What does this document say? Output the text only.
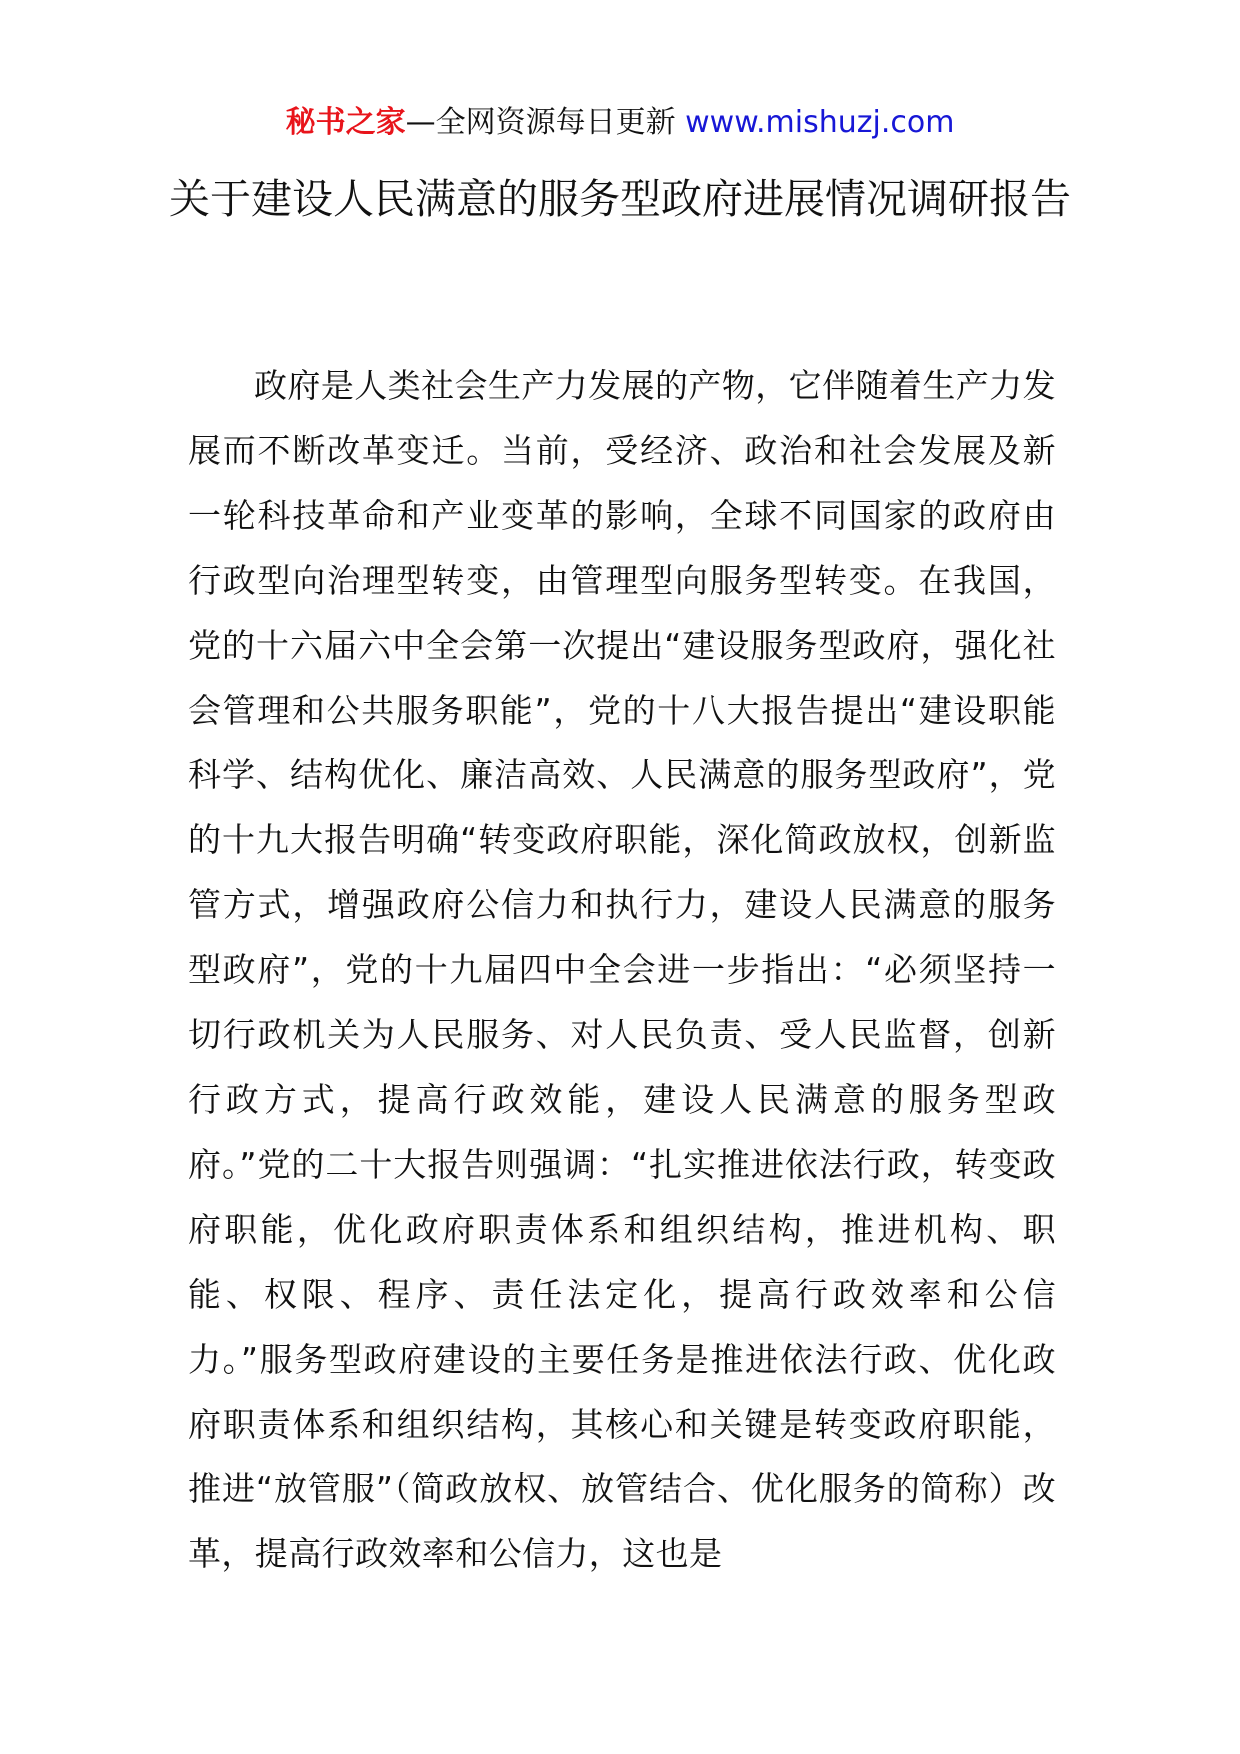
秘书之家—全网资源每日更新 www.mishuzj.com
关于建设人民满意的服务型政府进展情况调研报告

政府是人类社会生产力发展的产物，它伴随着生产力发展而不断改革变迁。当前，受经济、政治和社会发展及新一轮科技革命和产业变革的影响，全球不同国家的政府由行政型向治理型转变，由管理型向服务型转变。在我国，党的十六届六中全会第一次提出“建设服务型政府，强化社会管理和公共服务职能”，党的十八大报告提出“建设职能科学、结构优化、廉洁高效、人民满意的服务型政府”，党的十九大报告明确“转变政府职能，深化简政放权，创新监管方式，增强政府公信力和执行力，建设人民满意的服务型政府”，党的十九届四中全会进一步指出：“必须坚持一切行政机关为人民服务、对人民负责、受人民监督，创新行政方式，提高行政效能，建设人民满意的服务型政府。”党的二十大报告则强调：“扎实推进依法行政，转变政府职能，优化政府职责体系和组织结构，推进机构、职能、权限、程序、责任法定化，提高行政效率和公信力。”服务型政府建设的主要任务是推进依法行政、优化政府职责体系和组织结构，其核心和关键是转变政府职能，推进“放管服”（简政放权、放管结合、优化服务的简称）改革，提高行政效率和公信力，这也是
